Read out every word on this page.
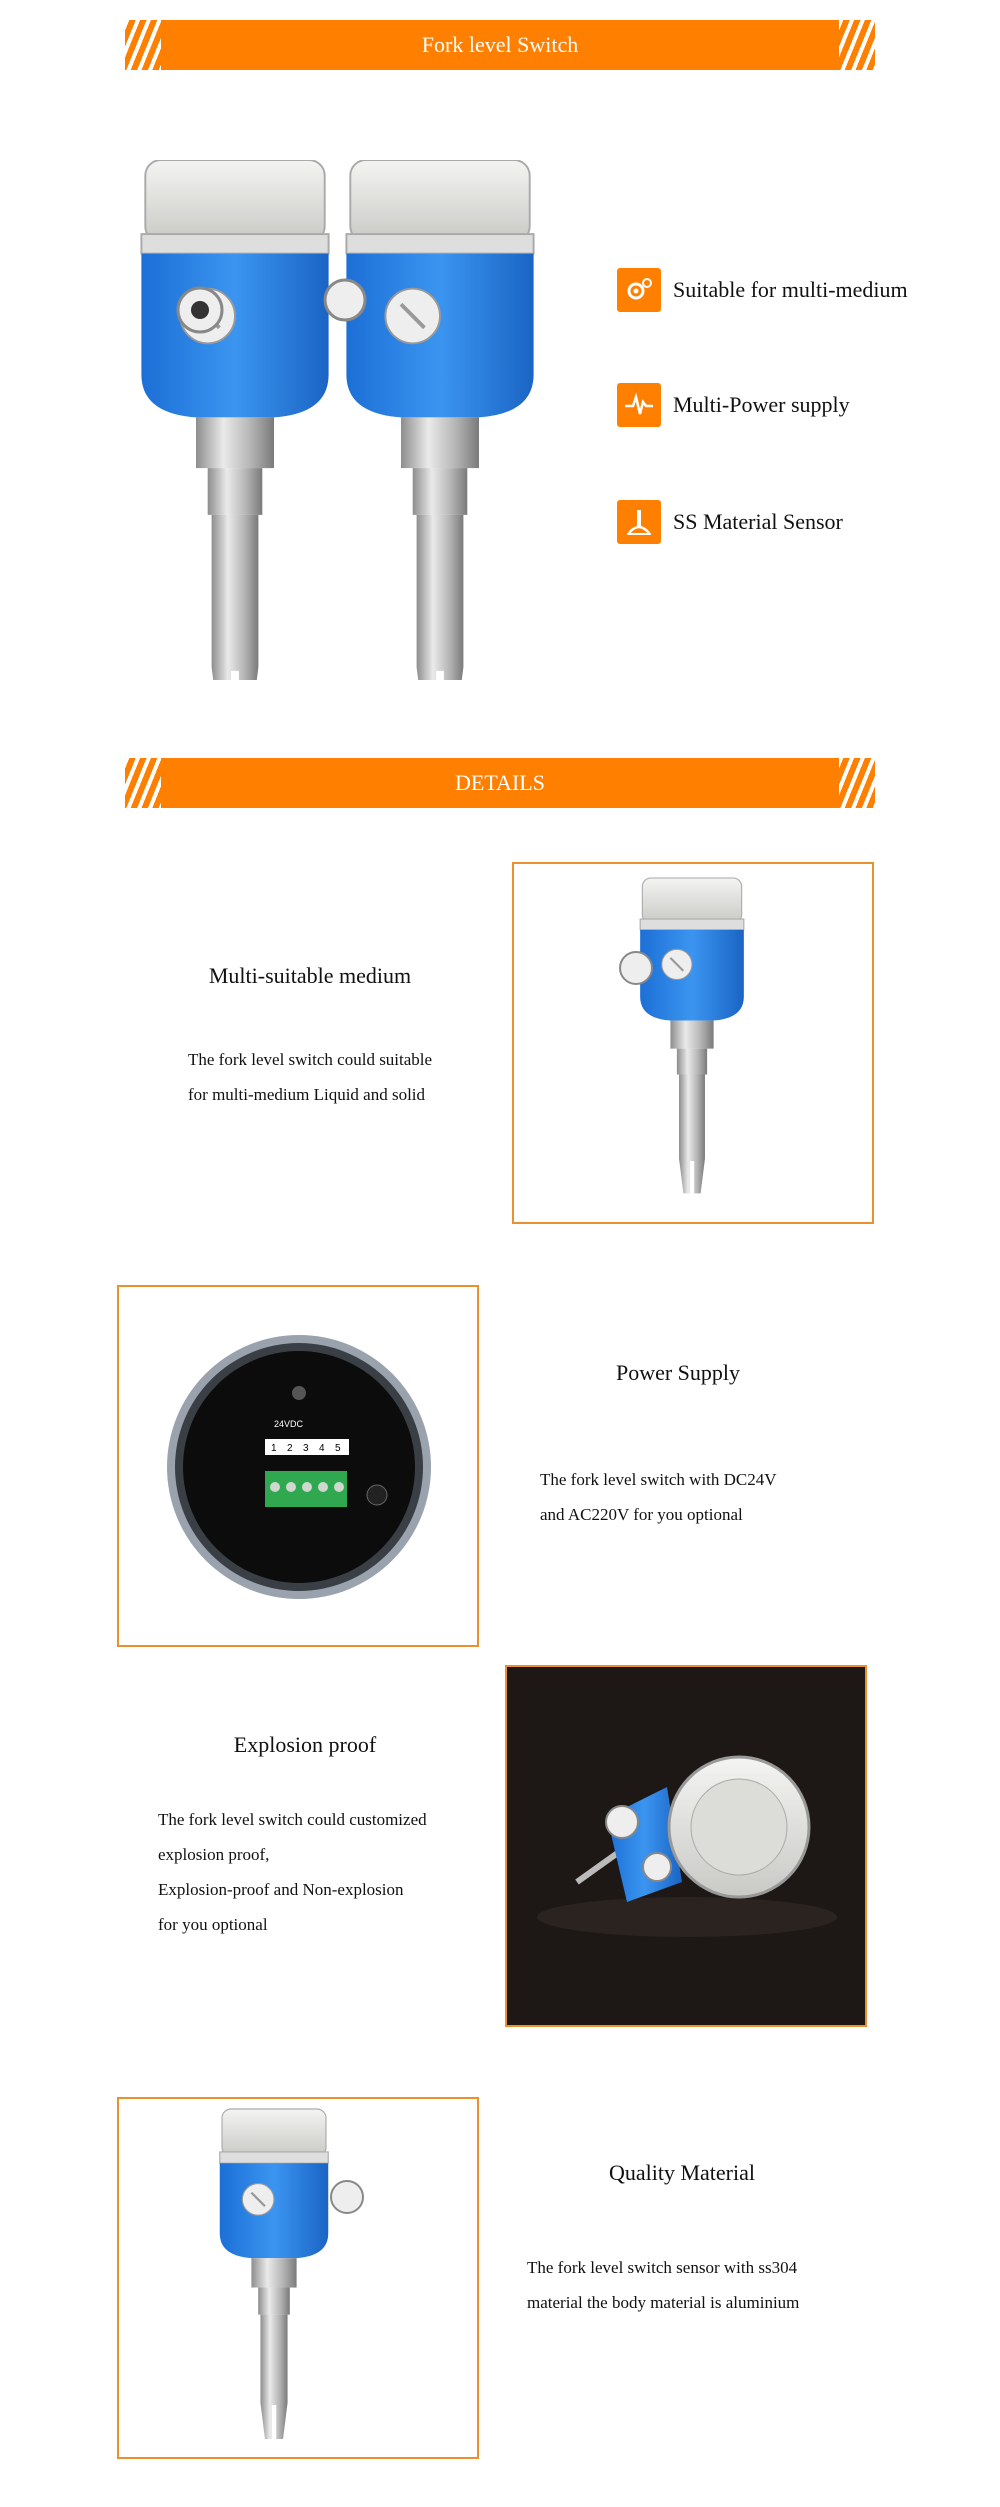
Fork level Switch
Suitable for multi-medium
Multi-Power supply
SS Material Sensor
DETAILS
Multi-suitable medium
The fork level switch could suitable
for multi-medium Liquid and solid
24VDC
1 2 3 4 5
Power Supply
The fork level switch with DC24V
and AC220V for you optional
Explosion proof
The fork level switch could customized
explosion proof,
Explosion-proof and Non-explosion
for you optional
Quality Material
The fork level switch sensor with ss304
material the body material is aluminium
